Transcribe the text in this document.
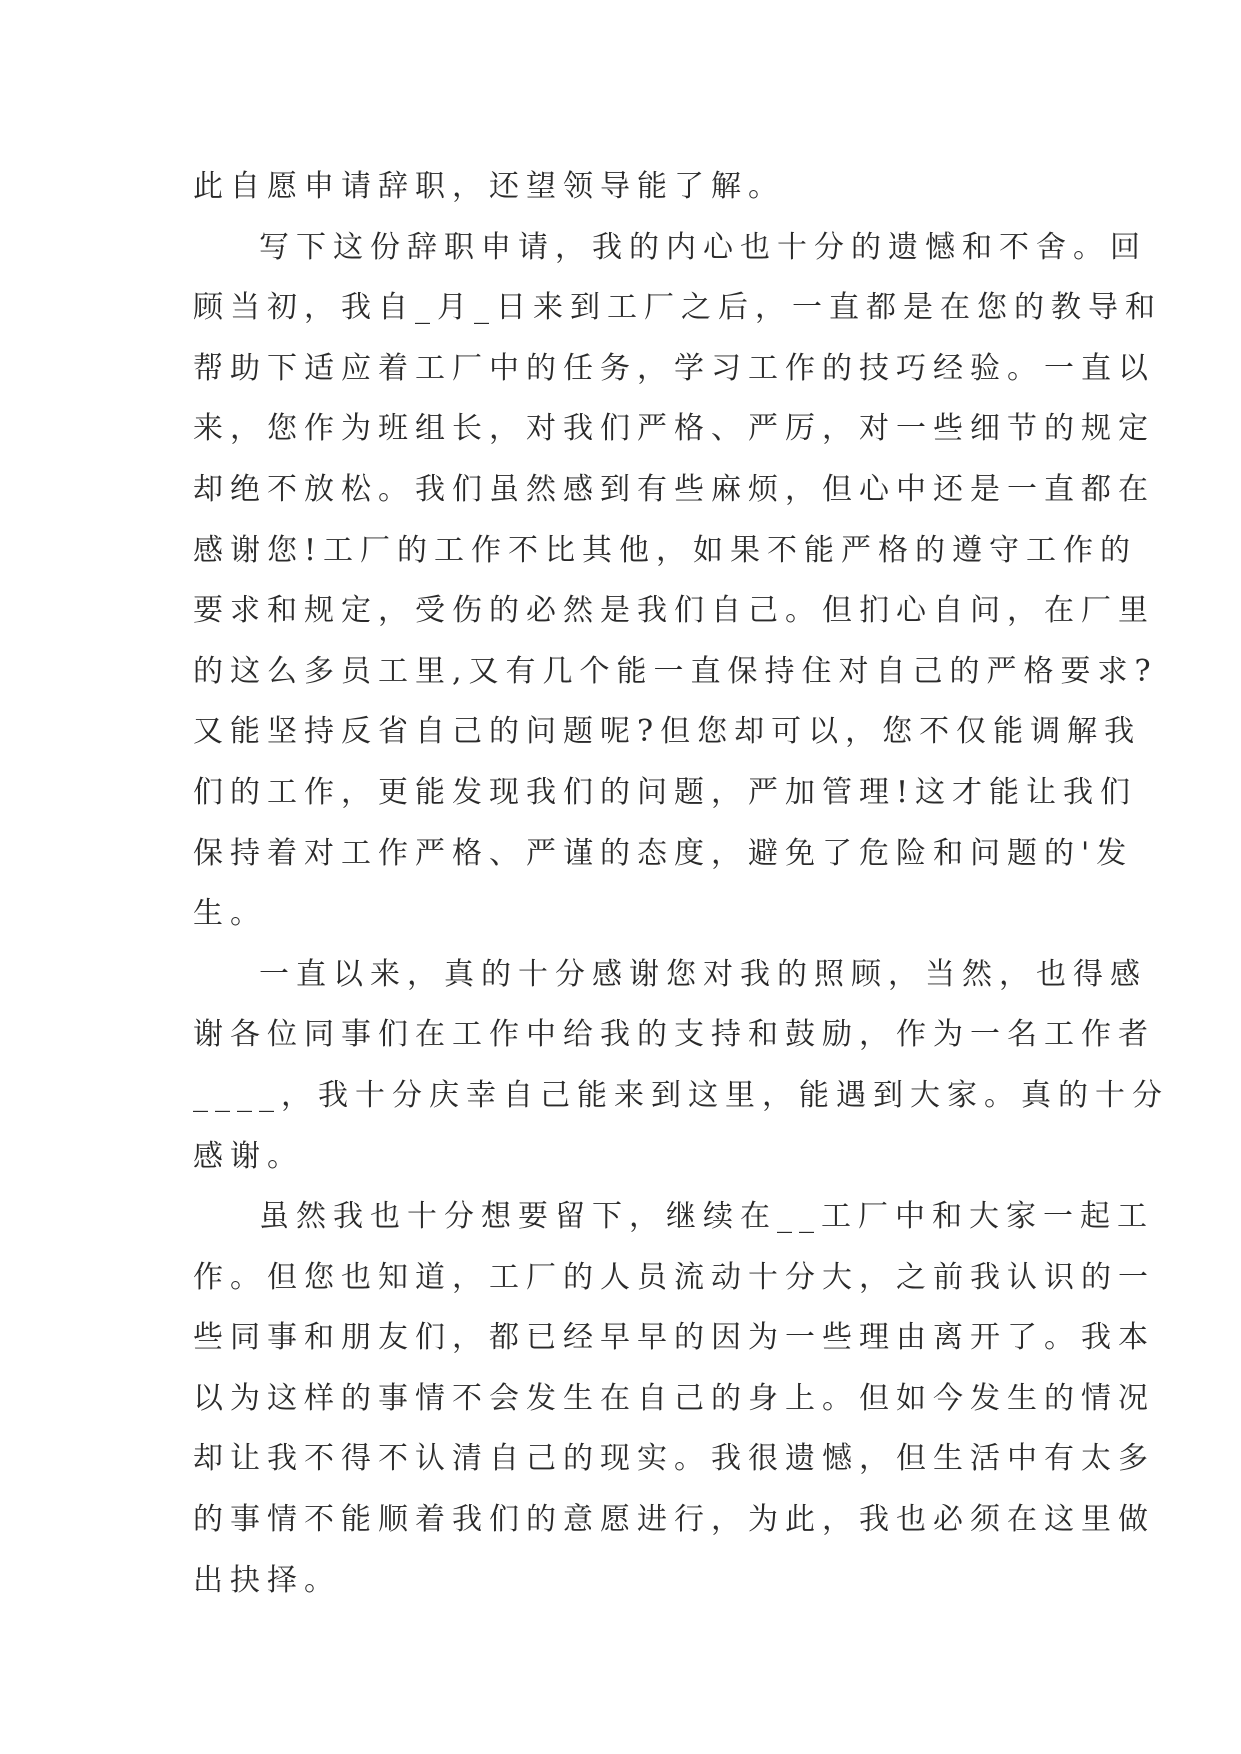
此自愿申请辞职，还望领导能了解。
写下这份辞职申请，我的内心也十分的遗憾和不舍。回
顾当初，我自_月_日来到工厂之后，一直都是在您的教导和
帮助下适应着工厂中的任务，学习工作的技巧经验。一直以
来，您作为班组长，对我们严格、严厉，对一些细节的规定
却绝不放松。我们虽然感到有些麻烦，但心中还是一直都在
感谢您!工厂的工作不比其他，如果不能严格的遵守工作的
要求和规定，受伤的必然是我们自己。但扪心自问，在厂里
的这么多员工里,又有几个能一直保持住对自己的严格要求?
又能坚持反省自己的问题呢?但您却可以，您不仅能调解我
们的工作，更能发现我们的问题，严加管理!这才能让我们
保持着对工作严格、严谨的态度，避免了危险和问题的'发
生。
一直以来，真的十分感谢您对我的照顾，当然，也得感
谢各位同事们在工作中给我的支持和鼓励，作为一名工作者
____，我十分庆幸自己能来到这里，能遇到大家。真的十分
感谢。
虽然我也十分想要留下，继续在__工厂中和大家一起工
作。但您也知道，工厂的人员流动十分大，之前我认识的一
些同事和朋友们，都已经早早的因为一些理由离开了。我本
以为这样的事情不会发生在自己的身上。但如今发生的情况
却让我不得不认清自己的现实。我很遗憾，但生活中有太多
的事情不能顺着我们的意愿进行，为此，我也必须在这里做
出抉择。
